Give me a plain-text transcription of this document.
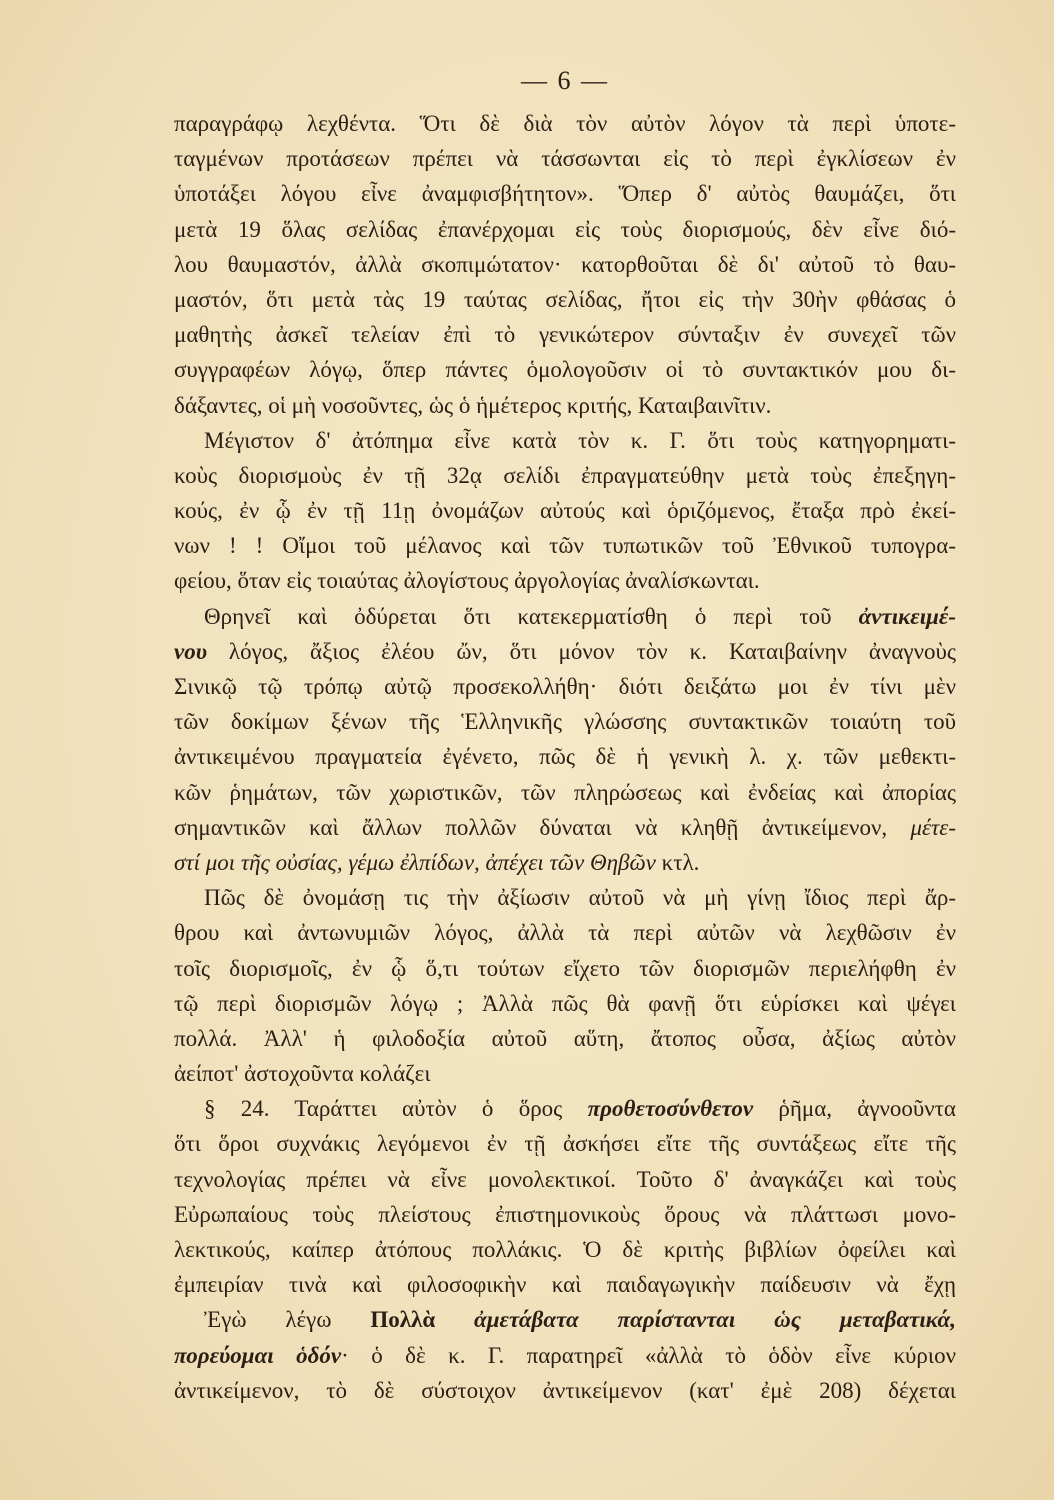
— 6 —
παραγράφῳ λεχθέντα. Ὅτι δὲ διὰ τὸν αὐτὸν λόγον τὰ περὶ ὑποτε-
ταγμένων προτάσεων πρέπει νὰ τάσσωνται εἰς τὸ περὶ ἐγκλίσεων ἐν
ὑποτάξει λόγου εἶνε ἀναμφισβήτητον». Ὅπερ δ' αὐτὸς θαυμάζει, ὅτι
μετὰ 19 ὅλας σελίδας ἐπανέρχομαι εἰς τοὺς διορισμούς, δὲν εἶνε διό-
λου θαυμαστόν, ἀλλὰ σκοπιμώτατον· κατορθοῦται δὲ δι' αὐτοῦ τὸ θαυ-
μαστόν, ὅτι μετὰ τὰς 19 ταύτας σελίδας, ἤτοι εἰς τὴν 30ὴν φθάσας ὁ
μαθητὴς ἀσκεῖ τελείαν ἐπὶ τὸ γενικώτερον σύνταξιν ἐν συνεχεῖ τῶν
συγγραφέων λόγῳ, ὅπερ πάντες ὁμολογοῦσιν οἱ τὸ συντακτικόν μου δι-
δάξαντες, οἱ μὴ νοσοῦντες, ὡς ὁ ἡμέτερος κριτής, Καταιβαινῖτιν.
Μέγιστον δ' ἀτόπημα εἶνε κατὰ τὸν κ. Γ. ὅτι τοὺς κατηγορηματι-
κοὺς διορισμοὺς ἐν τῇ 32ᾳ σελίδι ἐπραγματεύθην μετὰ τοὺς ἐπεξηγη-
κούς, ἐν ᾧ ἐν τῇ 11ῃ ὀνομάζων αὐτούς καὶ ὁριζόμενος, ἔταξα πρὸ ἐκεί-
νων ! ! Οἴμοι τοῦ μέλανος καὶ τῶν τυπωτικῶν τοῦ Ἐθνικοῦ τυπογρα-
φείου, ὅταν εἰς τοιαύτας ἀλογίστους ἀργολογίας ἀναλίσκωνται.
Θρηνεῖ καὶ ὀδύρεται ὅτι κατεκερματίσθη ὁ περὶ τοῦ ἀντικειμέ-
νου λόγος, ἄξιος ἐλέου ὤν, ὅτι μόνον τὸν κ. Καταιβαίνην ἀναγνοὺς
Σινικῷ τῷ τρόπῳ αὐτῷ προσεκολλήθη· διότι δειξάτω μοι ἐν τίνι μὲν
τῶν δοκίμων ξένων τῆς Ἑλληνικῆς γλώσσης συντακτικῶν τοιαύτη τοῦ
ἀντικειμένου πραγματεία ἐγένετο, πῶς δὲ ἡ γενικὴ λ. χ. τῶν μεθεκτι-
κῶν ῥημάτων, τῶν χωριστικῶν, τῶν πληρώσεως καὶ ἐνδείας καὶ ἀπορίας
σημαντικῶν καὶ ἄλλων πολλῶν δύναται νὰ κληθῇ ἀντικείμενον, μέτε-
στί μοι τῆς οὐσίας, γέμω ἐλπίδων, ἀπέχει τῶν Θηβῶν κτλ.
Πῶς δὲ ὀνομάσῃ τις τὴν ἀξίωσιν αὐτοῦ νὰ μὴ γίνῃ ἴδιος περὶ ἄρ-
θρου καὶ ἀντωνυμιῶν λόγος, ἀλλὰ τὰ περὶ αὐτῶν νὰ λεχθῶσιν ἐν
τοῖς διορισμοῖς, ἐν ᾧ ὅ,τι τούτων εἴχετο τῶν διορισμῶν περιελήφθη ἐν
τῷ περὶ διορισμῶν λόγῳ ; Ἀλλὰ πῶς θὰ φανῇ ὅτι εὑρίσκει καὶ ψέγει
πολλά. Ἀλλ' ἡ φιλοδοξία αὐτοῦ αὕτη, ἄτοπος οὖσα, ἀξίως αὐτὸν
ἀείποτ' ἀστοχοῦντα κολάζει
§ 24. Ταράττει αὐτὸν ὁ ὅρος προθετοσύνθετον ῥῆμα, ἀγνοοῦντα
ὅτι ὅροι συχνάκις λεγόμενοι ἐν τῇ ἀσκήσει εἴτε τῆς συντάξεως εἴτε τῆς
τεχνολογίας πρέπει νὰ εἶνε μονολεκτικοί. Τοῦτο δ' ἀναγκάζει καὶ τοὺς
Εὐρωπαίους τοὺς πλείστους ἐπιστημονικοὺς ὅρους νὰ πλάττωσι μονο-
λεκτικούς, καίπερ ἀτόπους πολλάκις. Ὁ δὲ κριτὴς βιβλίων ὀφείλει καὶ
ἐμπειρίαν τινὰ καὶ φιλοσοφικὴν καὶ παιδαγωγικὴν παίδευσιν νὰ ἔχῃ
Ἐγὼ λέγω Πολλὰ ἀμετάβατα παρίστανται ὡς μεταβατικά,
πορεύομαι ὁδόν· ὁ δὲ κ. Γ. παρατηρεῖ «ἀλλὰ τὸ ὁδὸν εἶνε κύριον
ἀντικείμενον, τὸ δὲ σύστοιχον ἀντικείμενον (κατ' ἐμὲ 208) δέχεται
